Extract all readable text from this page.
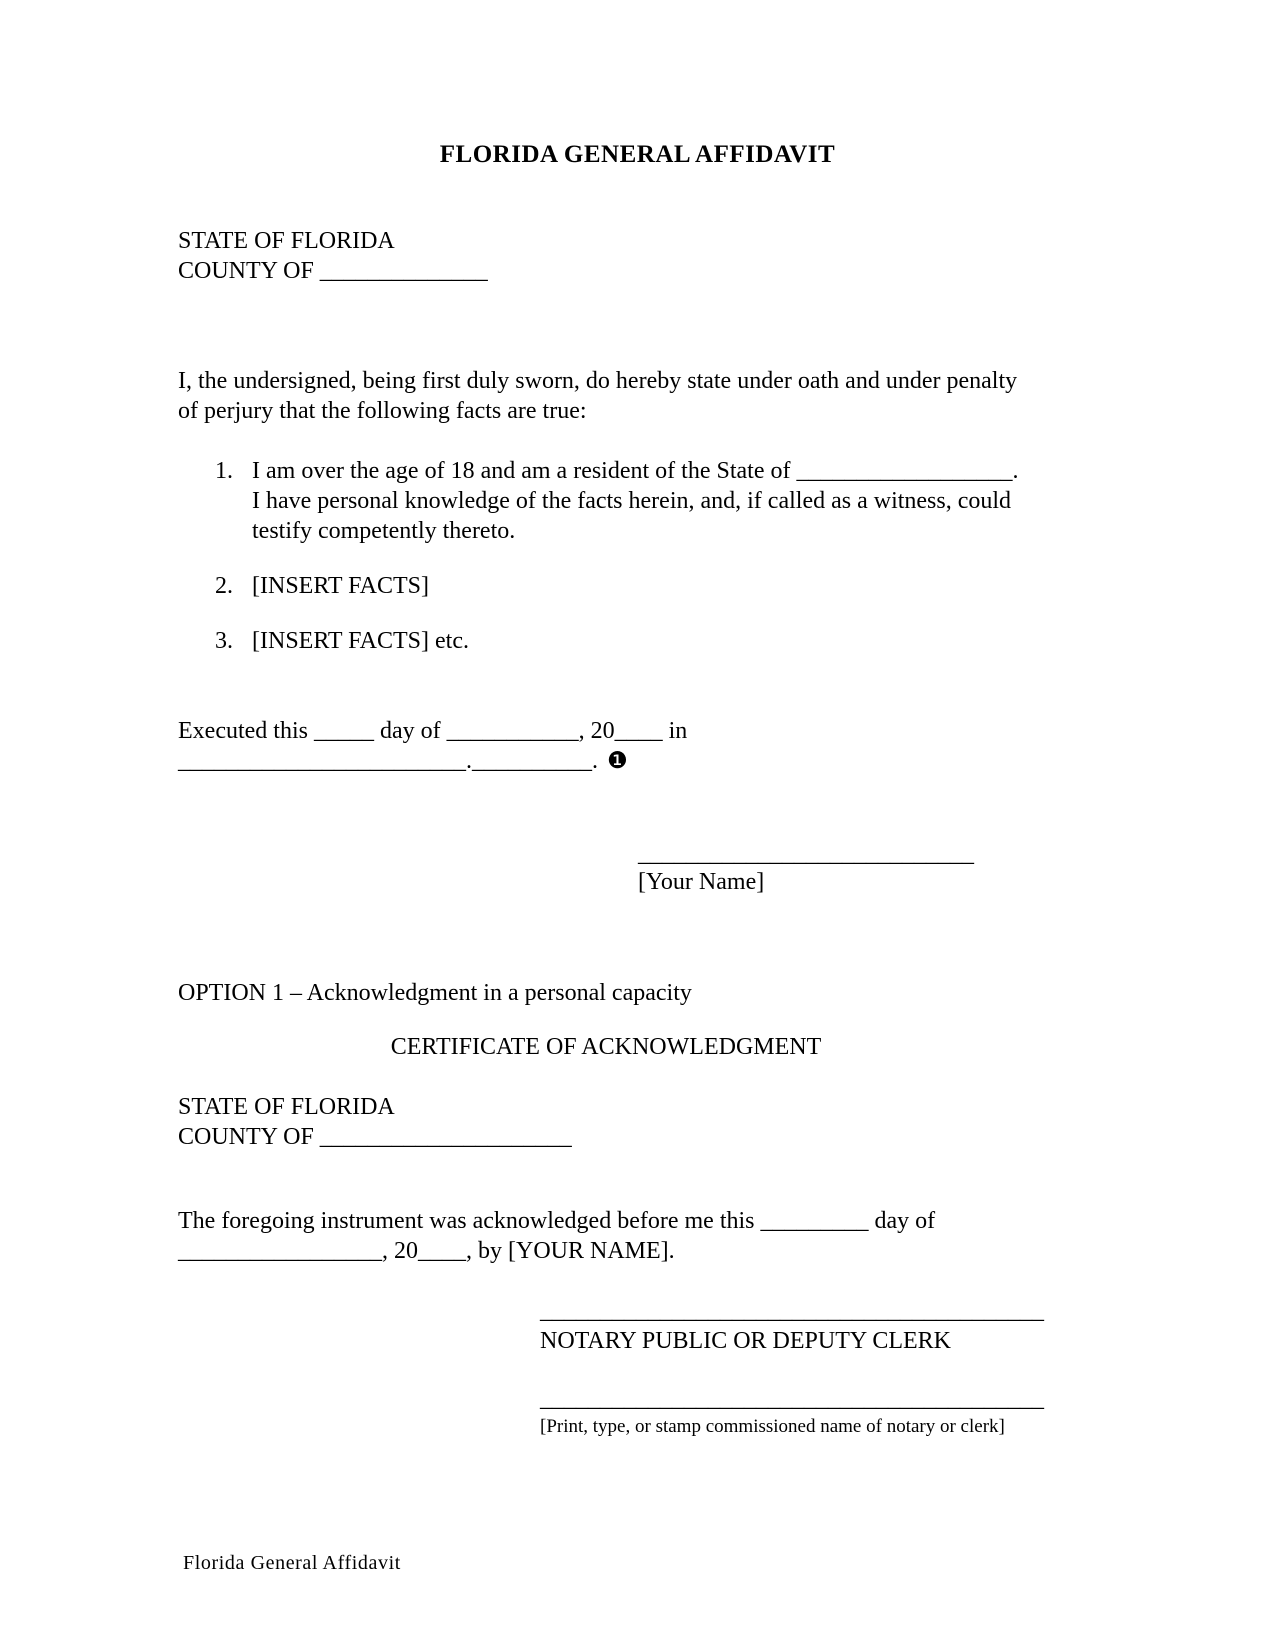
FLORIDA GENERAL AFFIDAVIT
STATE OF FLORIDA
COUNTY OF ______________
I, the undersigned, being first duly sworn, do hereby state under oath and under penalty
of perjury that the following facts are true:
1. I am over the age of 18 and am a resident of the State of __________________.
I have personal knowledge of the facts herein, and, if called as a witness, could
testify competently thereto.
2. [INSERT FACTS]
3. [INSERT FACTS] etc.
Executed this _____ day of ___________, 20____ in
________________________.__________. ❶
____________________________
[Your Name]
OPTION 1 – Acknowledgment in a personal capacity
CERTIFICATE OF ACKNOWLEDGMENT
STATE OF FLORIDA
COUNTY OF _____________________
The foregoing instrument was acknowledged before me this _________ day of
_________________, 20____, by [YOUR NAME].
__________________________________________
NOTARY PUBLIC OR DEPUTY CLERK
__________________________________________
[Print, type, or stamp commissioned name of notary or clerk]
Florida General Affidavit
